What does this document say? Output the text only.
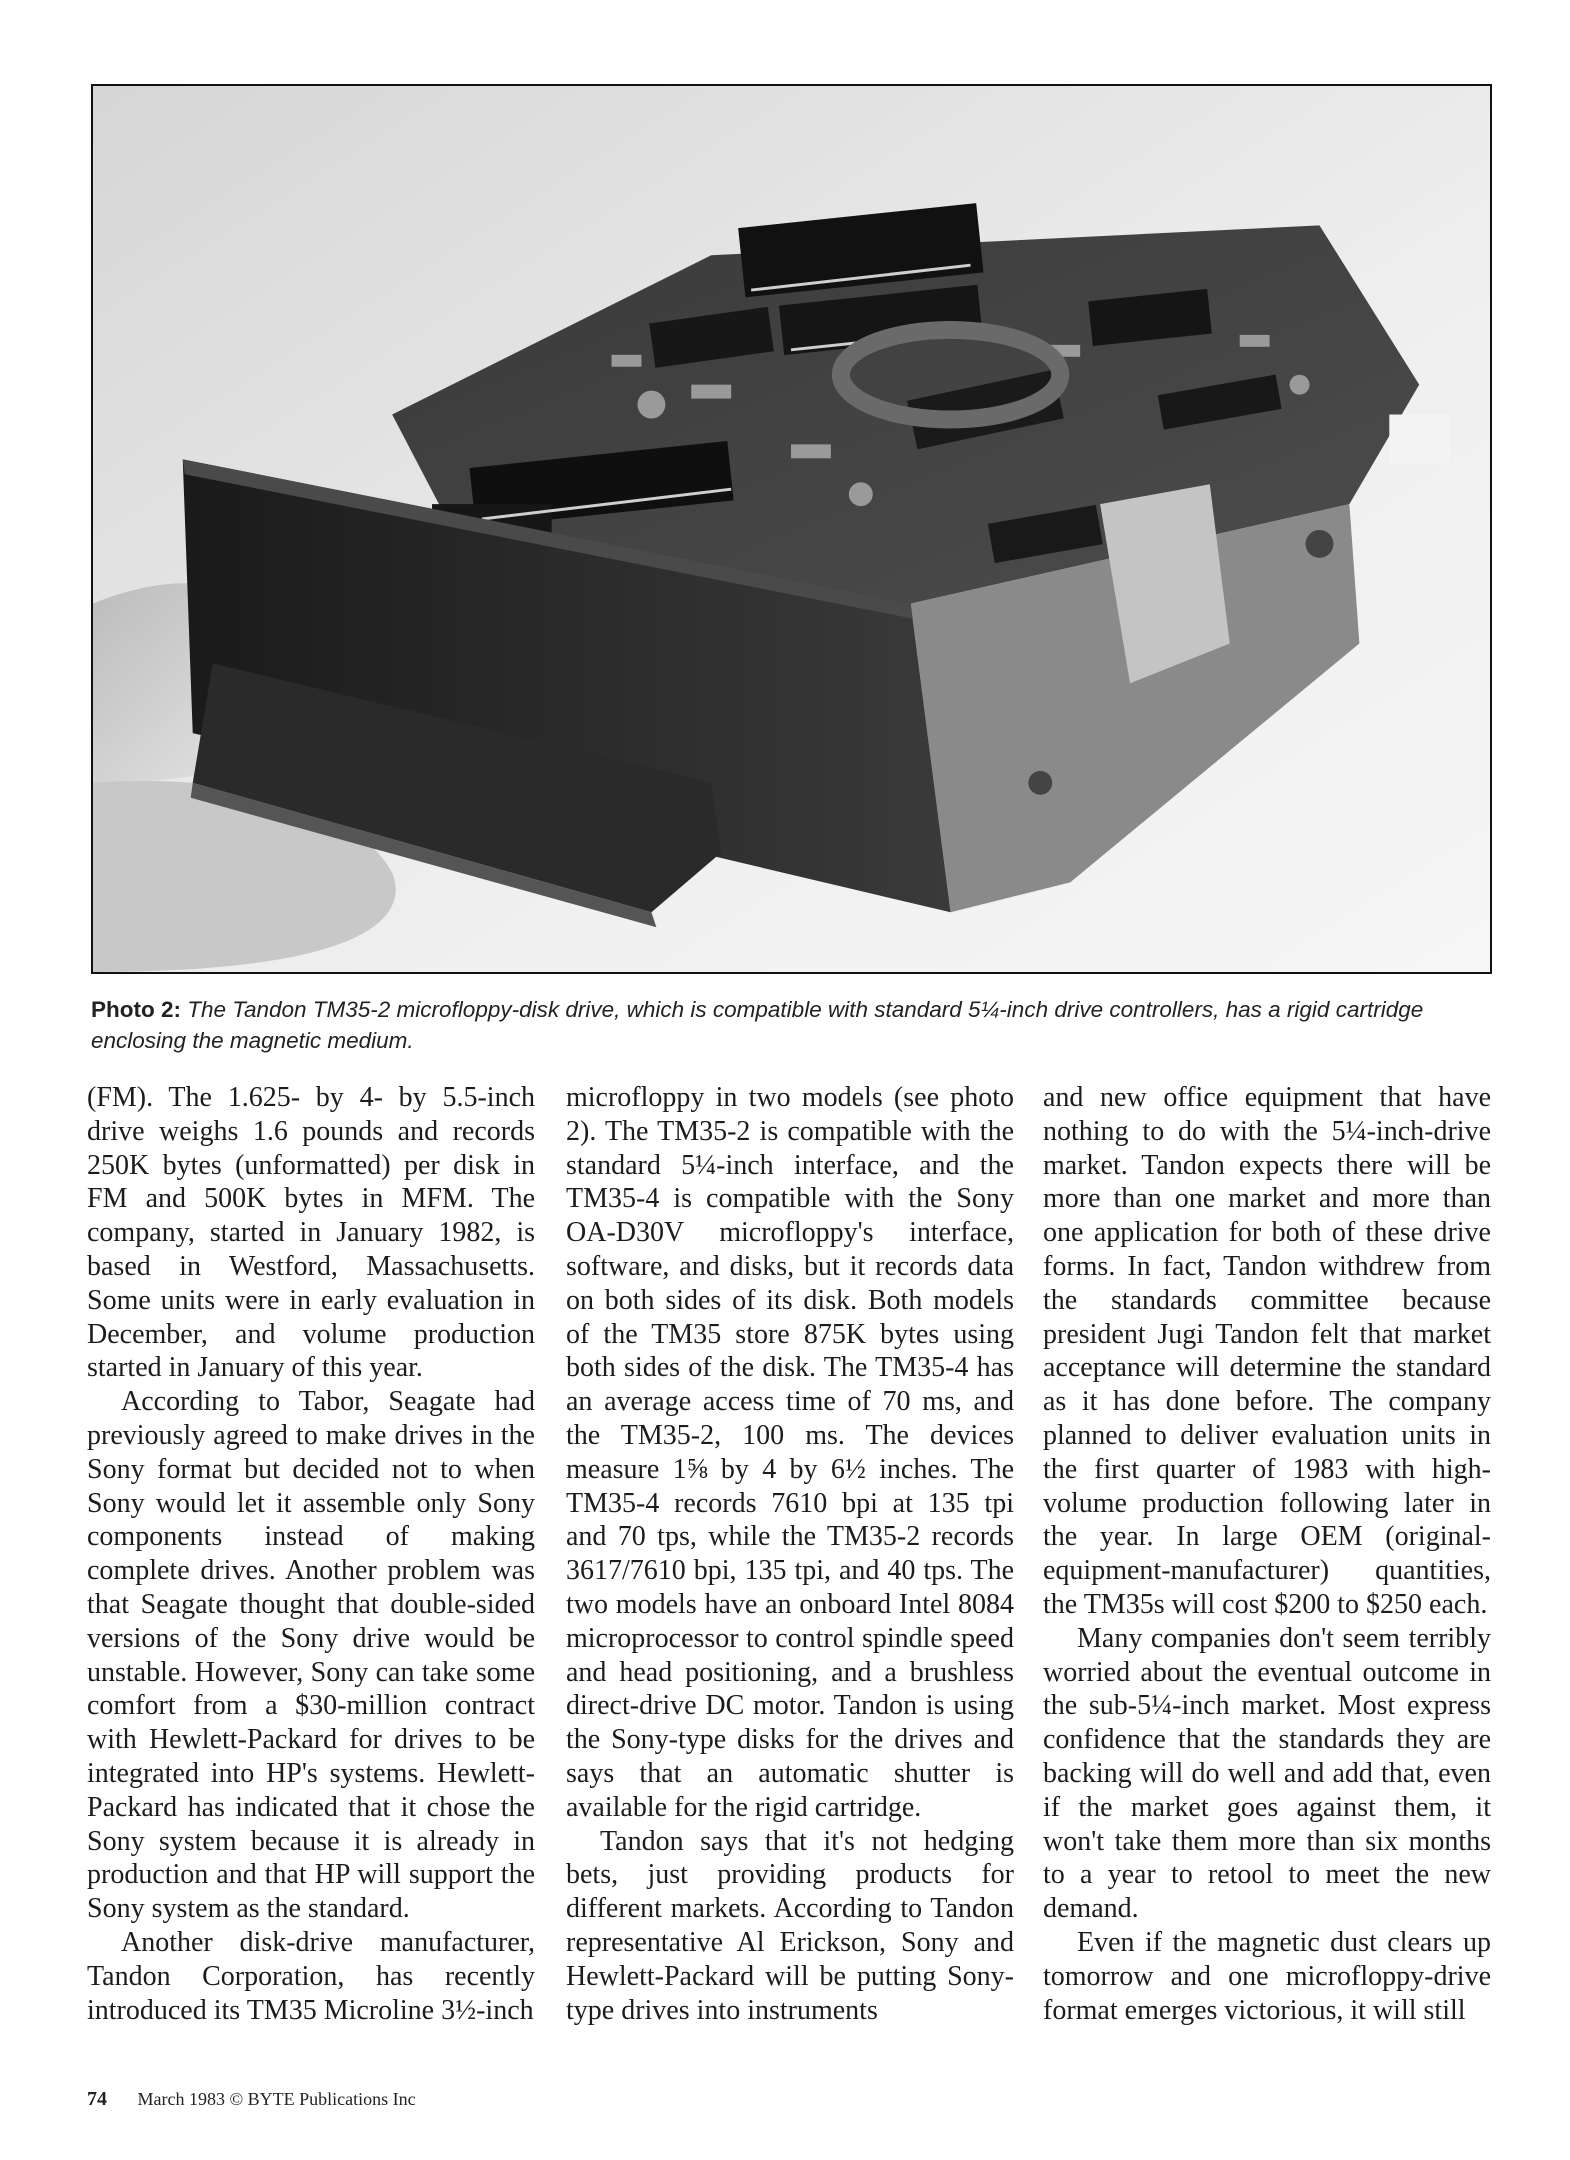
Photo 2: The Tandon TM35-2 microfloppy-disk drive, which is compatible with standard 5¼-inch drive controllers, has a rigid cartridge enclosing the magnetic medium.

(FM). The 1.625- by 4- by 5.5-inch drive weighs 1.6 pounds and records 250K bytes (unformatted) per disk in FM and 500K bytes in MFM. The company, started in January 1982, is based in Westford, Massachusetts. Some units were in early evaluation in December, and volume production started in January of this year.

According to Tabor, Seagate had previously agreed to make drives in the Sony format but decided not to when Sony would let it assemble only Sony components instead of making complete drives. Another problem was that Seagate thought that double-sided versions of the Sony drive would be unstable. However, Sony can take some comfort from a $30-million contract with Hewlett-Packard for drives to be integrated into HP's systems. Hewlett-Packard has indicated that it chose the Sony system because it is already in production and that HP will support the Sony system as the standard.

Another disk-drive manufacturer, Tandon Corporation, has recently introduced its TM35 Microline 3½-inch

microfloppy in two models (see photo 2). The TM35-2 is compatible with the standard 5¼-inch interface, and the TM35-4 is compatible with the Sony OA-D30V microfloppy's interface, software, and disks, but it records data on both sides of its disk. Both models of the TM35 store 875K bytes using both sides of the disk. The TM35-4 has an average access time of 70 ms, and the TM35-2, 100 ms. The devices measure 1⅝ by 4 by 6½ inches. The TM35-4 records 7610 bpi at 135 tpi and 70 tps, while the TM35-2 records 3617/7610 bpi, 135 tpi, and 40 tps. The two models have an onboard Intel 8084 microprocessor to control spindle speed and head positioning, and a brushless direct-drive DC motor. Tandon is using the Sony-type disks for the drives and says that an automatic shutter is available for the rigid cartridge.

Tandon says that it's not hedging bets, just providing products for different markets. According to Tandon representative Al Erickson, Sony and Hewlett-Packard will be putting Sony-type drives into instruments

and new office equipment that have nothing to do with the 5¼-inch-drive market. Tandon expects there will be more than one market and more than one application for both of these drive forms. In fact, Tandon withdrew from the standards committee because president Jugi Tandon felt that market acceptance will determine the standard as it has done before. The company planned to deliver evaluation units in the first quarter of 1983 with high-volume production following later in the year. In large OEM (original-equipment-manufacturer) quantities, the TM35s will cost $200 to $250 each.

Many companies don't seem terribly worried about the eventual outcome in the sub-5¼-inch market. Most express confidence that the standards they are backing will do well and add that, even if the market goes against them, it won't take them more than six months to a year to retool to meet the new demand.

Even if the magnetic dust clears up tomorrow and one microfloppy-drive format emerges victorious, it will still

74 March 1983 © BYTE Publications Inc
